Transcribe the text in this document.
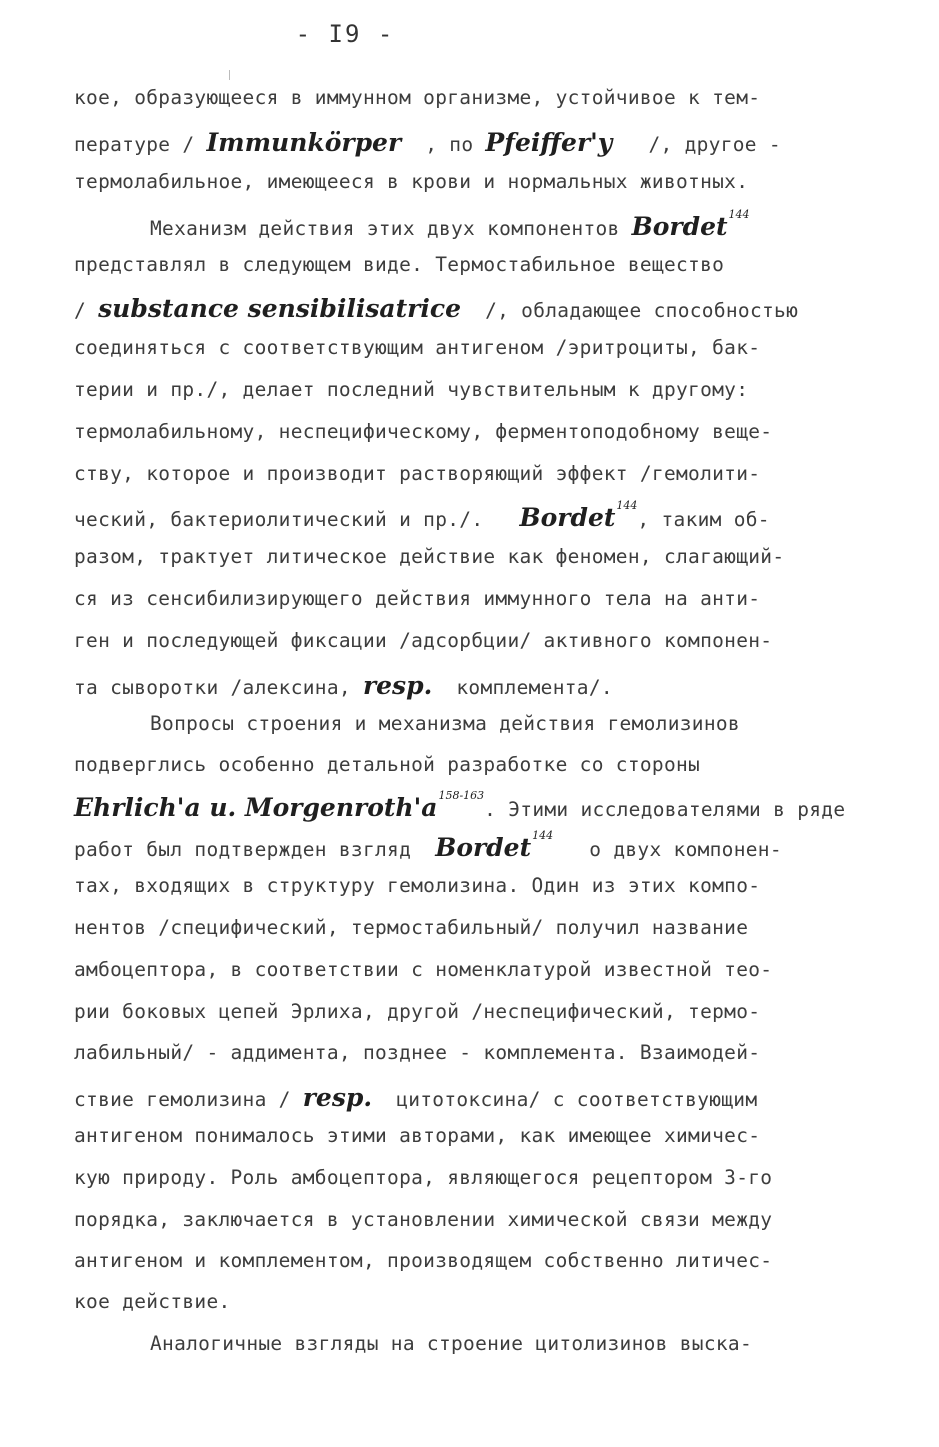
- I9 -
кое, образующееся в иммунном организме, устойчивое к тем-
пературе / Immunkörper  , по Pfeiffer'y   /, другое -
термолабильное, имеющееся в крови и нормальных животных.
Механизм действия этих двух компонентов Bordet$^{144}$
представлял в следующем виде. Термостабильное вещество
/ substance sensibilisatrice  /, обладающее способностью
соединяться с соответствующим антигеном /эритроциты, бак-
терии и пр./, делает последний чувствительным к другому:
термолабильному, неспецифическому, ферментоподобному веще-
ству, которое и производит растворяющий эффект /гемолити-
ческий, бактериолитический и пр./.   Bordet$^{144}$, таким об-
разом, трактует литическое действие как феномен, слагающий-
ся из сенсибилизирующего действия иммунного тела на анти-
ген и последующей фиксации /адсорбции/ активного компонен-
та сыворотки /алексина, resp.  комплемента/.
Вопросы строения и механизма действия гемолизинов
подверглись особенно детальной разработке со стороны
Ehrlich'a u. $Morgenroth'a^{158-163}$. Этими исследователями в ряде
работ был подтвержден взгляд  Bordet$^{144}$   о двух компонен-
тах, входящих в структуру гемолизина. Один из этих компо-
нентов /специфический, термостабильный/ получил название
амбоцептора, в соответствии с номенклатурой известной тео-
рии боковых цепей Эрлиха, другой /неспецифический, термо-
лабильный/ - аддимента, позднее - комплемента. Взаимодей-
ствие гемолизина / resp.  цитотоксина/ с соответствующим
антигеном понималось этими авторами, как имеющее химичес-
кую природу. Роль амбоцептора, являющегося рецептором 3-го
порядка, заключается в установлении химической связи между
антигеном и комплементом, производящем собственно литичес-
кое действие.
Аналогичные взгляды на строение цитолизинов выска-
